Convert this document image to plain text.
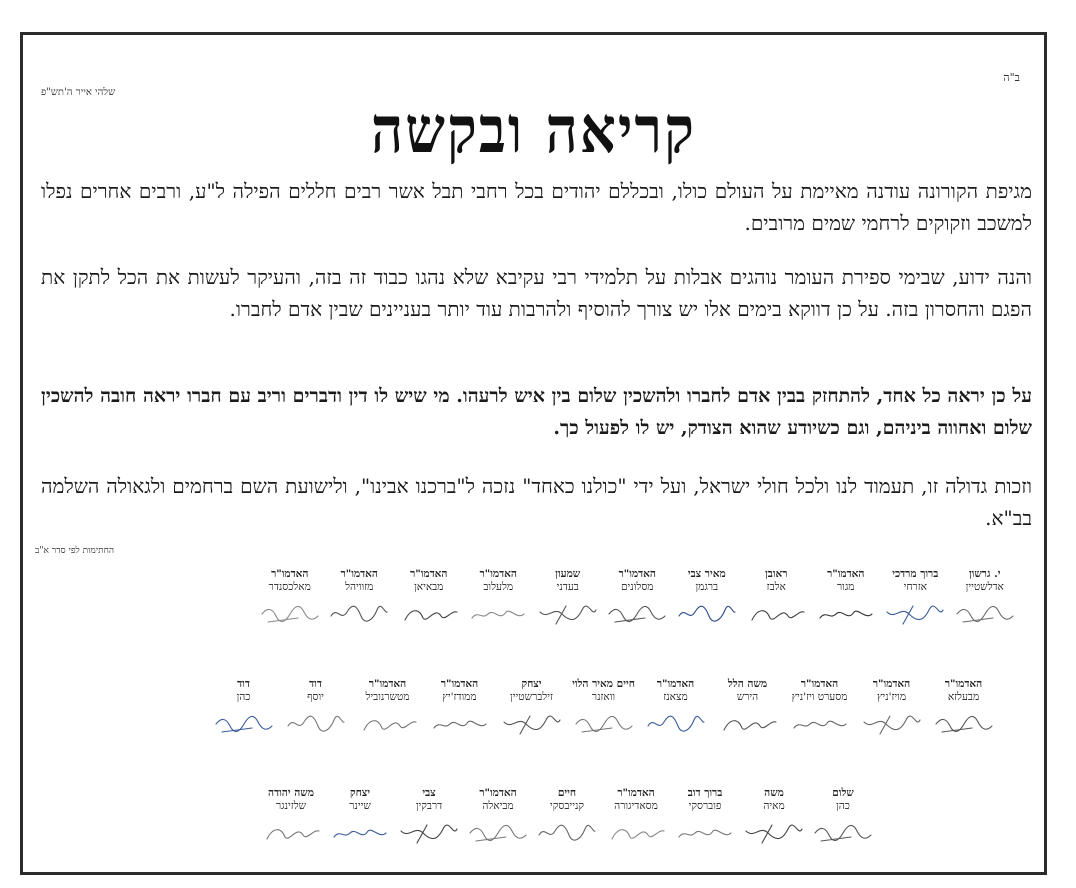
ב"ה
שלהי אייר ה'תש"פ	קריאה ובקשה
מגיפת הקורונה עודנה מאיימת על העולם כולו, ובכללם יהודים בכל רחבי תבל אשר רבים חללים הפילה ל"ע, ורבים אחרים נפלו למשכב וזקוקים לרחמי שמים מרובים.
והנה ידוע, שבימי ספירת העומר נוהגים אבלות על תלמידי רבי עקיבא שלא נהגו כבוד זה בזה, והעיקר לעשות את הכל לתקן את הפגם והחסרון בזה. על כן דווקא בימים אלו יש צורך להוסיף ולהרבות עוד יותר בעניינים שבין אדם לחברו.
על כן יראה כל אחד, להתחזק בבין אדם לחברו ולהשכין שלום בין איש לרעהו. מי שיש לו דין ודברים וריב עם חברו יראה חובה להשכין שלום ואחווה ביניהם, וגם כשיודע שהוא הצודק, יש לו לפעול כך.
וזכות גדולה זו, תעמוד לנו ולכל חולי ישראל, ועל ידי "כולנו כאחד" נזכה ל"ברכנו אבינו", ולישועת השם ברחמים ולגאולה השלמה בב"א.
החתימות לפי סדר א"ב
י. גרשון
אדלשטיין
ברוך מרדכי
אזרחי
האדמו"ר
מגור
ראובן
אלבז
מאיר צבי
ברגמן
האדמו"ר
מסלונים
שמעון
בעדני
האדמו"ר
מלעלוב
האדמו"ר
מבאיאן
האדמו"ר
מזוויהל
האדמו"ר
מאלכסנדר
האדמו"ר
מבעלזא
האדמו"ר
מויז'ניץ
האדמו"ר
מסערט ויז'ניץ
משה הלל
הירש
האדמו"ר
מצאנז
חיים מאיר הלוי
וואזנר
יצחק
זילברשטיין
האדמו"ר
ממודז'יץ
האדמו"ר
מטשרנוביל
דוד
יוסף
דוד
כהן
שלום
כהן
משה
מאיה
ברוך דוב
פוברסקי
האדמו"ר
מסאדיגורה
חיים
קנייבסקי
האדמו"ר
מביאלה
צבי
דרבקין
יצחק
שיינר
משה יהודה
שלזינגר
